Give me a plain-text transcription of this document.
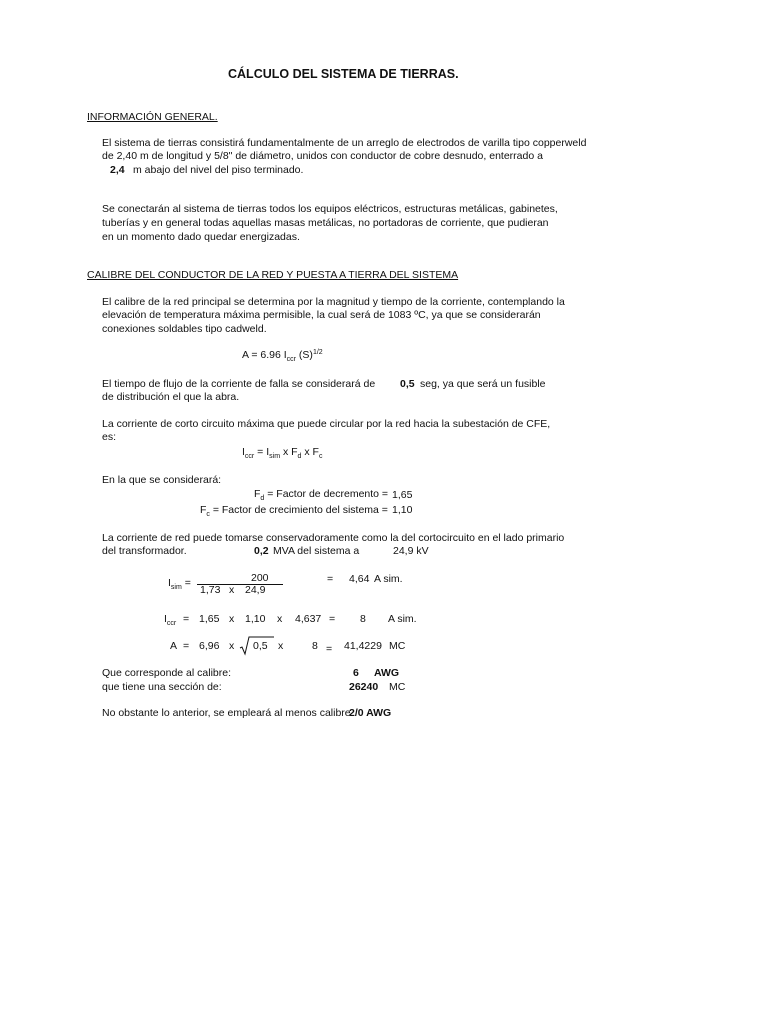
CÁLCULO DEL SISTEMA DE TIERRAS.
INFORMACIÓN GENERAL.
El sistema de tierras consistirá fundamentalmente de un arreglo de electrodos de varilla tipo copperweld
de 2,40 m de longitud y 5/8" de diámetro, unidos con conductor de cobre desnudo, enterrado a
2,4 m abajo del nivel del piso terminado.
Se conectarán al sistema de tierras todos los equipos eléctricos, estructuras metálicas, gabinetes,
tuberías y en general todas aquellas masas metálicas, no portadoras de corriente, que pudieran
en un momento dado quedar energizadas.
CALIBRE DEL CONDUCTOR DE LA RED Y PUESTA A TIERRA DEL SISTEMA
El calibre de la red principal se determina por la magnitud y tiempo de la corriente, contemplando la
elevación de temperatura máxima permisible, la cual será de 1083 ºC, ya que se considerarán
conexiones soldables tipo cadweld.
A = 6.96 $I_{ccr}$ $(S)^{1/2}$
El tiempo de flujo de la corriente de falla se considerará de 0,5 seg, ya que será un fusible
de distribución el que la abra.
La corriente de corto circuito máxima que puede circular por la red hacia la subestación de CFE,
es:
$I_{ccr} = I_{sim}$ x $F_d$ x $F_c$
En la que se considerará:
$F_d$ = Factor de decremento = 1,65
$F_c$ = Factor de crecimiento del sistema = 1,10
La corriente de red puede tomarse conservadoramente como la del cortocircuito en el lado primario
del transformador.	0,2 MVA del sistema a	24,9 kV
$I_{sim}$ =	200
1,73 x 24,9
= 4,64 A sim.
$I_{ccr} = 1,65$ x 1,10 x 4,637 = 8 A sim.
A = 6,96 x 0,5 x	8 = 41,4229 MC
Que corresponde al calibre:	6 AWG
que tiene una sección de:	26240 MC
No obstante lo anterior, se empleará al menos calibre
2/0 AWG
